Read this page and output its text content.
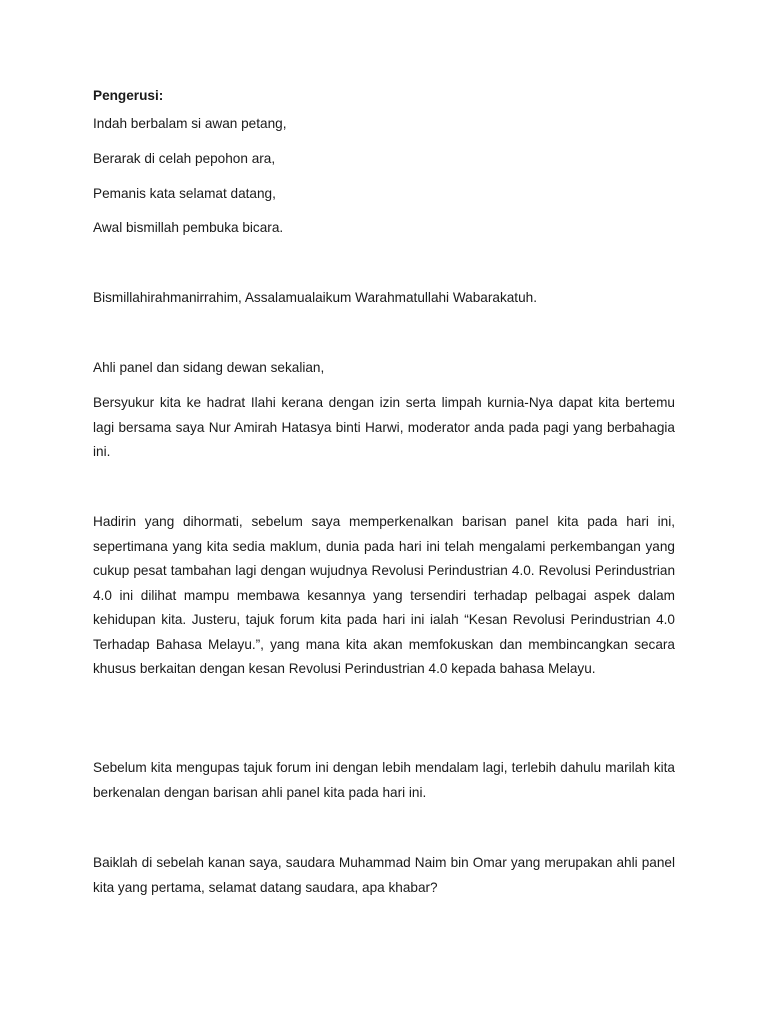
Pengerusi:

Indah berbalam si awan petang,

Berarak di celah pepohon ara,

Pemanis kata selamat datang,

Awal bismillah pembuka bicara.

Bismillahirahmanirrahim, Assalamualaikum Warahmatullahi Wabarakatuh.

Ahli panel dan sidang dewan sekalian,

Bersyukur kita ke hadrat Ilahi kerana dengan izin serta limpah kurnia-Nya dapat kita bertemu lagi bersama saya Nur Amirah Hatasya binti Harwi, moderator anda pada pagi yang berbahagia ini.

Hadirin yang dihormati, sebelum saya memperkenalkan barisan panel kita pada hari ini, sepertimana yang kita sedia maklum, dunia pada hari ini telah mengalami perkembangan yang cukup pesat tambahan lagi dengan wujudnya Revolusi Perindustrian 4.0. Revolusi Perindustrian 4.0 ini dilihat mampu membawa kesannya yang tersendiri terhadap pelbagai aspek dalam kehidupan kita. Justeru, tajuk forum kita pada hari ini ialah “Kesan Revolusi Perindustrian 4.0 Terhadap Bahasa Melayu.”, yang mana kita akan memfokuskan dan membincangkan secara khusus berkaitan dengan kesan Revolusi Perindustrian 4.0 kepada bahasa Melayu.

Sebelum kita mengupas tajuk forum ini dengan lebih mendalam lagi, terlebih dahulu marilah kita berkenalan dengan barisan ahli panel kita pada hari ini.

Baiklah di sebelah kanan saya, saudara Muhammad Naim bin Omar yang merupakan ahli panel kita yang pertama, selamat datang saudara, apa khabar?
